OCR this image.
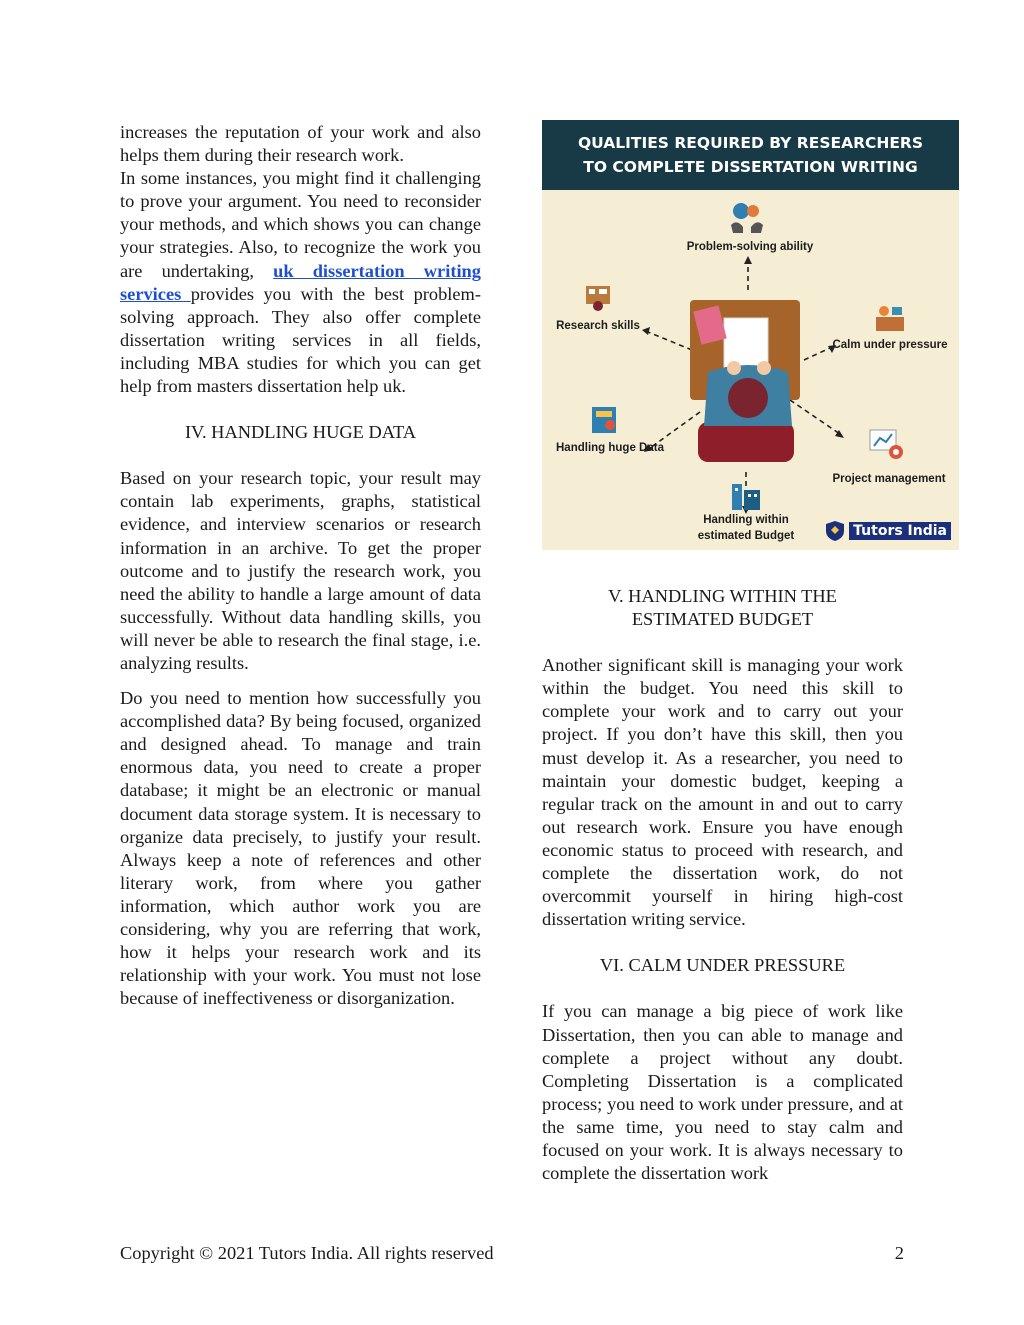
increases the reputation of your work and also helps them during their research work.

In some instances, you might find it challenging to prove your argument. You need to reconsider your methods, and which shows you can change your strategies. Also, to recognize the work you are undertaking, uk dissertation writing services provides you with the best problem-solving approach. They also offer complete dissertation writing services in all fields, including MBA studies for which you can get help from masters dissertation help uk.

IV. HANDLING HUGE DATA

Based on your research topic, your result may contain lab experiments, graphs, statistical evidence, and interview scenarios or research information in an archive. To get the proper outcome and to justify the research work, you need the ability to handle a large amount of data successfully. Without data handling skills, you will never be able to research the final stage, i.e. analyzing results.

Do you need to mention how successfully you accomplished data? By being focused, organized and designed ahead. To manage and train enormous data, you need to create a proper database; it might be an electronic or manual document data storage system. It is necessary to organize data precisely, to justify your result. Always keep a note of references and other literary work, from where you gather information, which author work you are considering, why you are referring that work, how it helps your research work and its relationship with your work. You must not lose because of ineffectiveness or disorganization.

QUALITIES REQUIRED BY RESEARCHERS
TO COMPLETE DISSERTATION WRITING
Problem-solving ability
Research skills
Calm under pressure
Handling huge Data
Project management
Handling within
estimated Budget	Tutors India
V. HANDLING WITHIN THE
ESTIMATED BUDGET

Another significant skill is managing your work within the budget. You need this skill to complete your work and to carry out your project. If you don’t have this skill, then you must develop it. As a researcher, you need to maintain your domestic budget, keeping a regular track on the amount in and out to carry out research work. Ensure you have enough economic status to proceed with research, and complete the dissertation work, do not overcommit yourself in hiring high-cost dissertation writing service.

VI. CALM UNDER PRESSURE

If you can manage a big piece of work like Dissertation, then you can able to manage and complete a project without any doubt. Completing Dissertation is a complicated process; you need to work under pressure, and at the same time, you need to stay calm and focused on your work. It is always necessary to complete the dissertation work

Copyright © 2021 Tutors India. All rights reserved	2
